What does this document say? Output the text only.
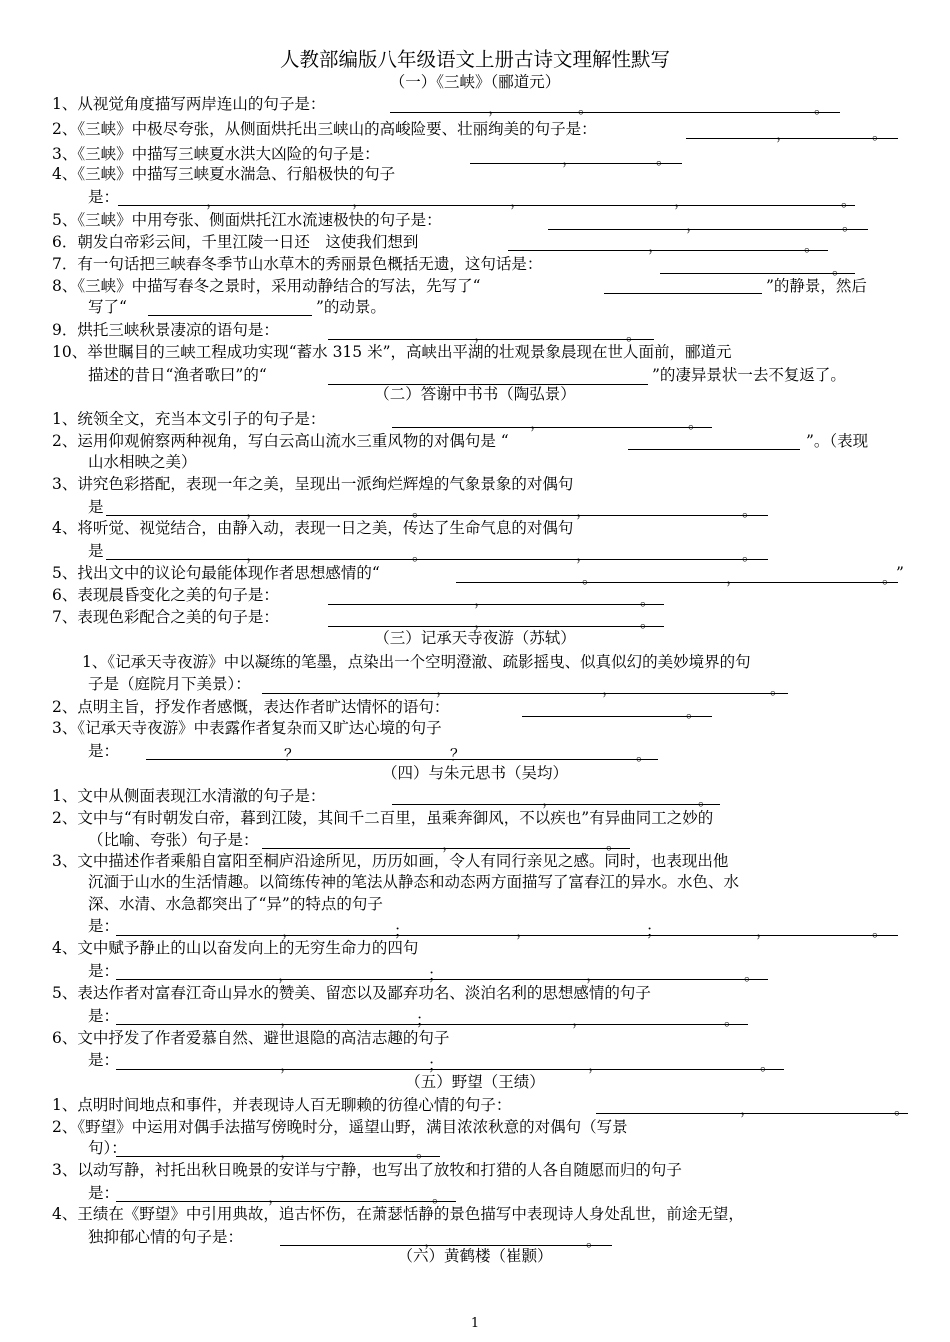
人教部编版八年级语文上册古诗文理解性默写
（一）《三峡》（郦道元）
（二）答谢中书书（陶弘景）
（三）记承天寺夜游（苏轼）
（四）与朱元思书（吴均）
（五）野望（王绩）
（六）黄鹤楼（崔颢）
1、从视觉角度描写两岸连山的句子是：
2、《三峡》中极尽夸张，从侧面烘托出三峡山的高峻险要、壮丽绚美的句子是：
3、《三峡》中描写三峡夏水洪大凶险的句子是：
4、《三峡》中描写三峡夏水湍急、行船极快的句子
是：
5、《三峡》中用夸张、侧面烘托江水流速极快的句子是：
6．朝发白帝彩云间，千里江陵一日还　这使我们想到
7．有一句话把三峡春冬季节山水草木的秀丽景色概括无遗，这句话是：
8、《三峡》中描写春冬之景时，采用动静结合的写法，先写了“	”的静景，然后
写了“	”的动景。
9．烘托三峡秋景凄凉的语句是：
10、举世瞩目的三峡工程成功实现“蓄水 315 米”，高峡出平湖的壮观景象晨现在世人面前，郦道元
描述的昔日“渔者歌曰”的“	”的凄异景状一去不复返了。
1、统领全文，充当本文引子的句子是：
2、运用仰观俯察两种视角，写白云高山流水三重风物的对偶句是 “	”。（表现
山水相映之美）
3、讲究色彩搭配，表现一年之美，呈现出一派绚烂辉煌的气象景象的对偶句
是
4、将听觉、视觉结合，由静入动，表现一日之美，传达了生命气息的对偶句
是
5、找出文中的议论句最能体现作者思想感情的“	”
6、表现晨昏变化之美的句子是：
7、表现色彩配合之美的句子是：
1、《记承天寺夜游》中以凝练的笔墨，点染出一个空明澄澈、疏影摇曳、似真似幻的美妙境界的句
子是（庭院月下美景）：
2、点明主旨，抒发作者感慨，表达作者旷达情怀的语句：
3、《记承天寺夜游》中表露作者复杂而又旷达心境的句子
是：
1、文中从侧面表现江水清澈的句子是：
2、文中与“有时朝发白帝，暮到江陵，其间千二百里，虽乘奔御风，不以疾也”有异曲同工之妙的
（比喻、夸张）句子是：
3、文中描述作者乘船自富阳至桐庐沿途所见，历历如画，令人有同行亲见之感。同时，也表现出他
沉湎于山水的生活情趣。以简练传神的笔法从静态和动态两方面描写了富春江的异水。水色、水
深、水清、水急都突出了“异”的特点的句子
是：
4、文中赋予静止的山以奋发向上的无穷生命力的四句
是：
5、表达作者对富春江奇山异水的赞美、留恋以及鄙弃功名、淡泊名利的思想感情的句子
是：
6、文中抒发了作者爱慕自然、避世退隐的高洁志趣的句子
是：
1、点明时间地点和事件，并表现诗人百无聊赖的彷徨心情的句子：
2、《野望》中运用对偶手法描写傍晚时分，遥望山野，满目浓浓秋意的对偶句（写景
句）：
3、以动写静，衬托出秋日晚景的安详与宁静，也写出了放牧和打猎的人各自随愿而归的句子
是：
4、王绩在《野望》中引用典故，追古怀伤，在萧瑟恬静的景色描写中表现诗人身处乱世，前途无望，
独抑郁心情的句子是：
，	。	。
，	。
，	。
，	，	，	，	。
，	。
，	。
。
，	。
，	。
，	。	，	。
，	。	，	。
。	，	。
，	。
，	。
，	，	。
。
？	？	。
，	。
，	。
，	；	，	；	，	。
，	；	，	。
，	；	，	。
，	；	，	。
，	。
，	。
，	。
，	。
1
